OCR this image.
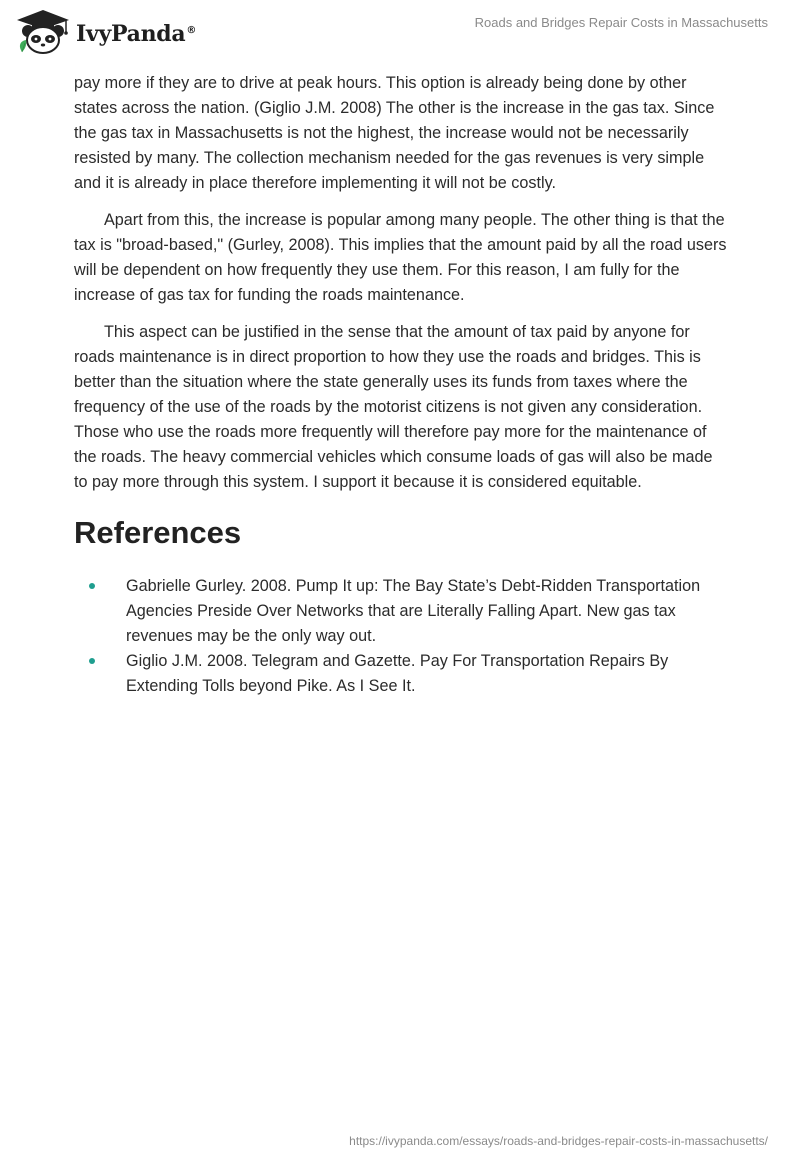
IvyPanda®
Roads and Bridges Repair Costs in Massachusetts

pay more if they are to drive at peak hours. This option is already being done by other states across the nation. (Giglio J.M. 2008) The other is the increase in the gas tax. Since the gas tax in Massachusetts is not the highest, the increase would not be necessarily resisted by many. The collection mechanism needed for the gas revenues is very simple and it is already in place therefore implementing it will not be costly.

Apart from this, the increase is popular among many people. The other thing is that the tax is "broad-based," (Gurley, 2008). This implies that the amount paid by all the road users will be dependent on how frequently they use them. For this reason, I am fully for the increase of gas tax for funding the roads maintenance.

This aspect can be justified in the sense that the amount of tax paid by anyone for roads maintenance is in direct proportion to how they use the roads and bridges. This is better than the situation where the state generally uses its funds from taxes where the frequency of the use of the roads by the motorist citizens is not given any consideration. Those who use the roads more frequently will therefore pay more for the maintenance of the roads. The heavy commercial vehicles which consume loads of gas will also be made to pay more through this system. I support it because it is considered equitable.

References
Gabrielle Gurley. 2008. Pump It up: The Bay State’s Debt-Ridden Transportation Agencies Preside Over Networks that are Literally Falling Apart. New gas tax revenues may be the only way out.
Giglio J.M. 2008. Telegram and Gazette. Pay For Transportation Repairs By Extending Tolls beyond Pike. As I See It.
https://ivypanda.com/essays/roads-and-bridges-repair-costs-in-massachusetts/
